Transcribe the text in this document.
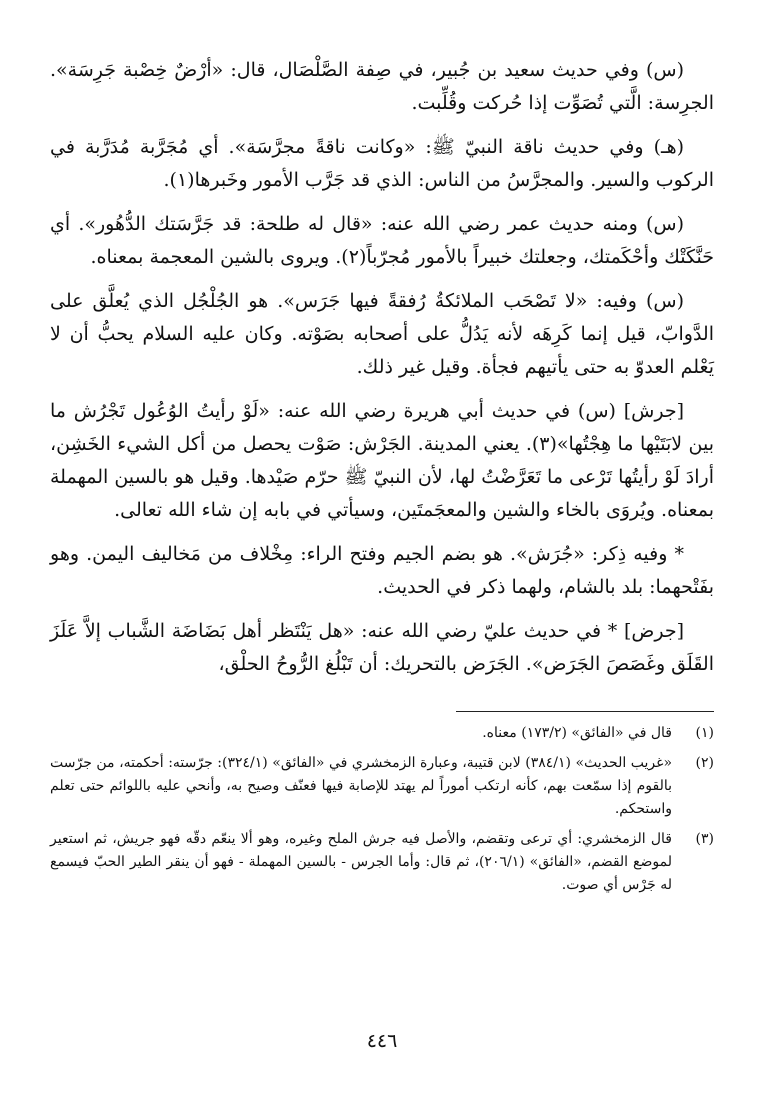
(س) وفي حديث سعيد بن جُبير، في صِفة الصَّلْصَال، قال: «أرْضٌ خِصْبة جَرِسَة». الجرِسة: الَّتي تُصَوِّت إذا حُركت وقُلِّبت.

(هـ) وفي حديث ناقة النبيّ ﷺ: «وكانت ناقةً مجرَّسَة». أي مُجَرَّبة مُدَرَّبة في الركوب والسير. والمجرَّسُ من الناس: الذي قد جَرَّب الأمور وخَبرها(١).

(س) ومنه حديث عمر رضي الله عنه: «قال له طلحة: قد جَرَّسَتك الدُّهُور». أي حَنَّكَتْك وأحْكَمتك، وجعلتك خبيراً بالأمور مُجرّباً(٢). ويروى بالشين المعجمة بمعناه.

(س) وفيه: «لا تَصْحَب الملائكةُ رُفقةً فيها جَرَس». هو الجُلْجُل الذي يُعلَّق على الدَّوابّ، قيل إنما كَرِهَه لأنه يَدُلُّ على أصحابه بصَوْته. وكان عليه السلام يحبُّ أن لا يَعْلم العدوّ به حتى يأتيهم فجأة. وقيل غير ذلك.

[جرش] (س) في حديث أبي هريرة رضي الله عنه: «لَوْ رأيتُ الوُعُول تَجْرُش ما بين لابَتَيْها ما هِجْتُها»(٣). يعني المدينة. الجَرْش: صَوْت يحصل من أكل الشيء الخَشِن، أرادَ لَوْ رأيتُها تَرْعى ما تَعَرَّضْتُ لها، لأن النبيّ ﷺ حرّم صَيْدها. وقيل هو بالسين المهملة بمعناه. ويُروَى بالخاء والشين والمعجَمتَين، وسيأتي في بابه إن شاء الله تعالى.

* وفيه ذِكر: «جُرَش». هو بضم الجيم وفتح الراء: مِخْلاف من مَخاليف اليمن. وهو بفَتْحهما: بلد بالشام، ولهما ذكر في الحديث.

[جرض] * في حديث عليّ رضي الله عنه: «هل يَنْتَظر أهل بَضَاضَة الشَّباب إلاَّ عَلَزَ القَلَق وغَصَصَ الجَرَض». الجَرَض بالتحريك: أن تَبْلُغ الرُّوحُ الحلْق،

(١)
قال في «الفائق» (١٧٣/٢) معناه.

(٢)
«غريب الحديث» (٣٨٤/١) لابن قتيبة، وعبارة الزمخشري في «الفائق» (٣٢٤/١): جرّسته: أحكمته، من جرّست بالقوم إذا سمّعت بهم، كأنه ارتكب أموراً لم يهتد للإصابة فيها فعنّف وصيح به، وأنحي عليه باللوائم حتى تعلم واستحكم.

(٣)
قال الزمخشري: أي ترعى وتقضم، والأصل فيه جرش الملح وغيره، وهو ألا ينعّم دقّه فهو جريش، ثم استعير لموضع القضم، «الفائق» (٢٠٦/١)، ثم قال: وأما الجرس - بالسين المهملة - فهو أن ينقر الطير الحبّ فيسمع له جَرْس أي صوت.

٤٤٦
